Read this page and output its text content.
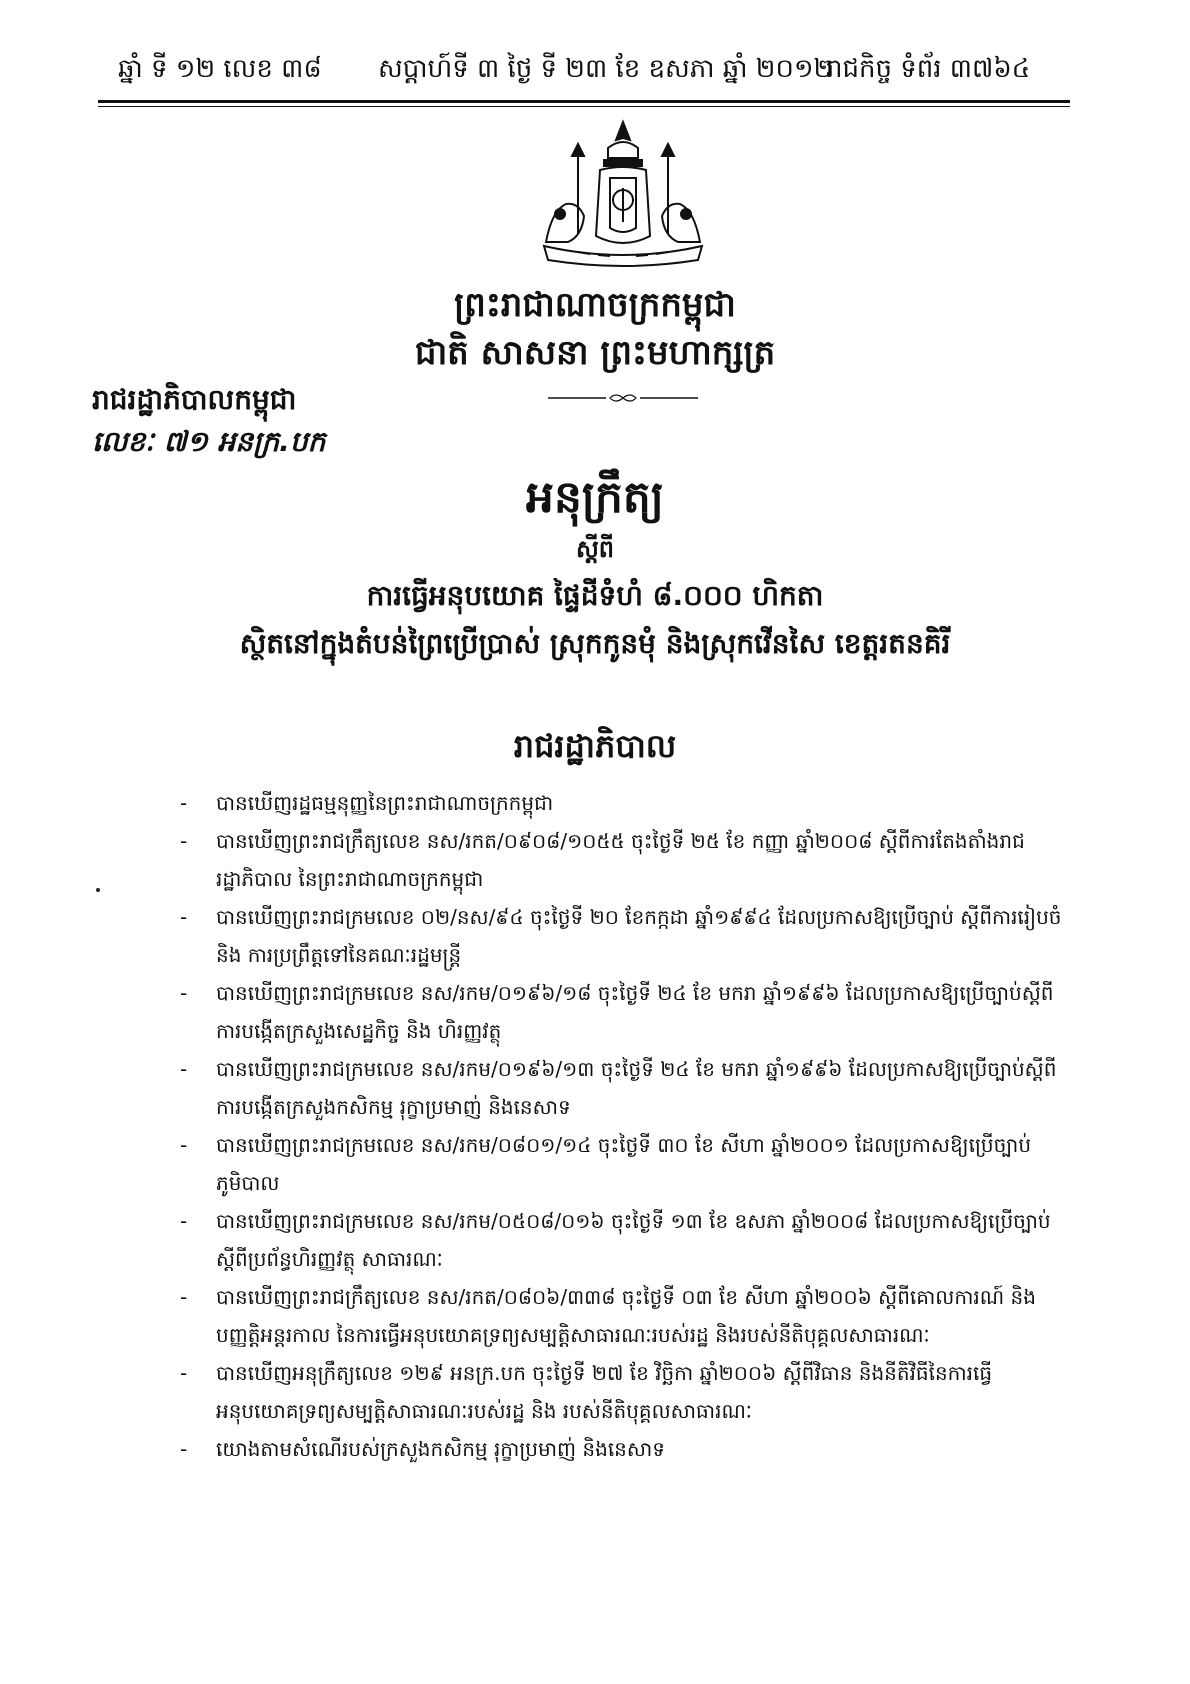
ឆ្នាំ ទី ១២ លេខ ៣៨ សប្តាហ៍ទី ៣ ថ្ងៃ ទី ២៣ ខែ ឧសភា ឆ្នាំ ២០១២
រាជកិច្ច ទំព័រ ៣៧៦៤
ព្រះរាជាណាចក្រកម្ពុជា
ជាតិ សាសនា ព្រះមហាក្សត្រ
រាជរដ្ឋាភិបាលកម្ពុជា
លេខៈ ៧១ អនក្រ.បក
អនុក្រឹត្យ
ស្តីពី
ការធ្វើអនុបយោគ ផ្ទៃដីទំហំ ៨.០០០ ហិកតា
ស្ថិតនៅក្នុងតំបន់ព្រៃប្រើប្រាស់ ស្រុកកូនមុំ និងស្រុកវើនសៃ ខេត្តរតនគិរី
រាជរដ្ឋាភិបាល
- បានឃើញរដ្ឋធម្មនុញ្ញនៃព្រះរាជាណាចក្រកម្ពុជា
- បានឃើញព្រះរាជក្រឹត្យលេខ នស/រកត/០៩០៨/១០៥៥ ចុះថ្ងៃទី ២៥ ខែ កញ្ញា ឆ្នាំ២០០៨ ស្តីពីការតែងតាំងរាជរដ្ឋាភិបាល នៃព្រះរាជាណាចក្រកម្ពុជា
- បានឃើញព្រះរាជក្រមលេខ ០២/នស/៩៤ ចុះថ្ងៃទី ២០ ខែកក្កដា ឆ្នាំ១៩៩៤ ដែលប្រកាសឱ្យប្រើច្បាប់ ស្តីពីការរៀបចំ និង ការប្រព្រឹត្តទៅនៃគណៈរដ្ឋមន្ត្រី
- បានឃើញព្រះរាជក្រមលេខ នស/រកម/០១៩៦/១៨ ចុះថ្ងៃទី ២៤ ខែ មករា ឆ្នាំ១៩៩៦ ដែលប្រកាសឱ្យប្រើច្បាប់ស្តីពីការបង្កើតក្រសួងសេដ្ឋកិច្ច និង ហិរញ្ញវត្ថុ
- បានឃើញព្រះរាជក្រមលេខ នស/រកម/០១៩៦/១៣ ចុះថ្ងៃទី ២៤ ខែ មករា ឆ្នាំ១៩៩៦ ដែលប្រកាសឱ្យប្រើច្បាប់ស្តីពីការបង្កើតក្រសួងកសិកម្ម រុក្ខាប្រមាញ់ និងនេសាទ
- បានឃើញព្រះរាជក្រមលេខ នស/រកម/០៨០១/១៤ ចុះថ្ងៃទី ៣០ ខែ សីហា ឆ្នាំ២០០១ ដែលប្រកាសឱ្យប្រើច្បាប់ភូមិបាល
- បានឃើញព្រះរាជក្រមលេខ នស/រកម/០៥០៨/០១៦ ចុះថ្ងៃទី ១៣ ខែ ឧសភា ឆ្នាំ២០០៨ ដែលប្រកាសឱ្យប្រើច្បាប់ស្តីពីប្រព័ន្ធហិរញ្ញវត្ថុ សាធារណៈ
- បានឃើញព្រះរាជក្រឹត្យលេខ នស/រកត/០៨០៦/៣៣៨ ចុះថ្ងៃទី ០៣ ខែ សីហា ឆ្នាំ២០០៦ ស្តីពីគោលការណ៍ និងបញ្ញត្តិអន្តរកាល នៃការធ្វើអនុបយោគទ្រព្យសម្បត្តិសាធារណៈរបស់រដ្ឋ និងរបស់នីតិបុគ្គលសាធារណៈ
- បានឃើញអនុក្រឹត្យលេខ ១២៩ អនក្រ.បក ចុះថ្ងៃទី ២៧ ខែ វិច្ឆិកា ឆ្នាំ២០០៦ ស្តីពីវិធាន និងនីតិវិធីនៃការធ្វើអនុបយោគទ្រព្យសម្បត្តិសាធារណៈរបស់រដ្ឋ និង របស់នីតិបុគ្គលសាធារណៈ
- យោងតាមសំណើរបស់ក្រសួងកសិកម្ម រុក្ខាប្រមាញ់ និងនេសាទ
